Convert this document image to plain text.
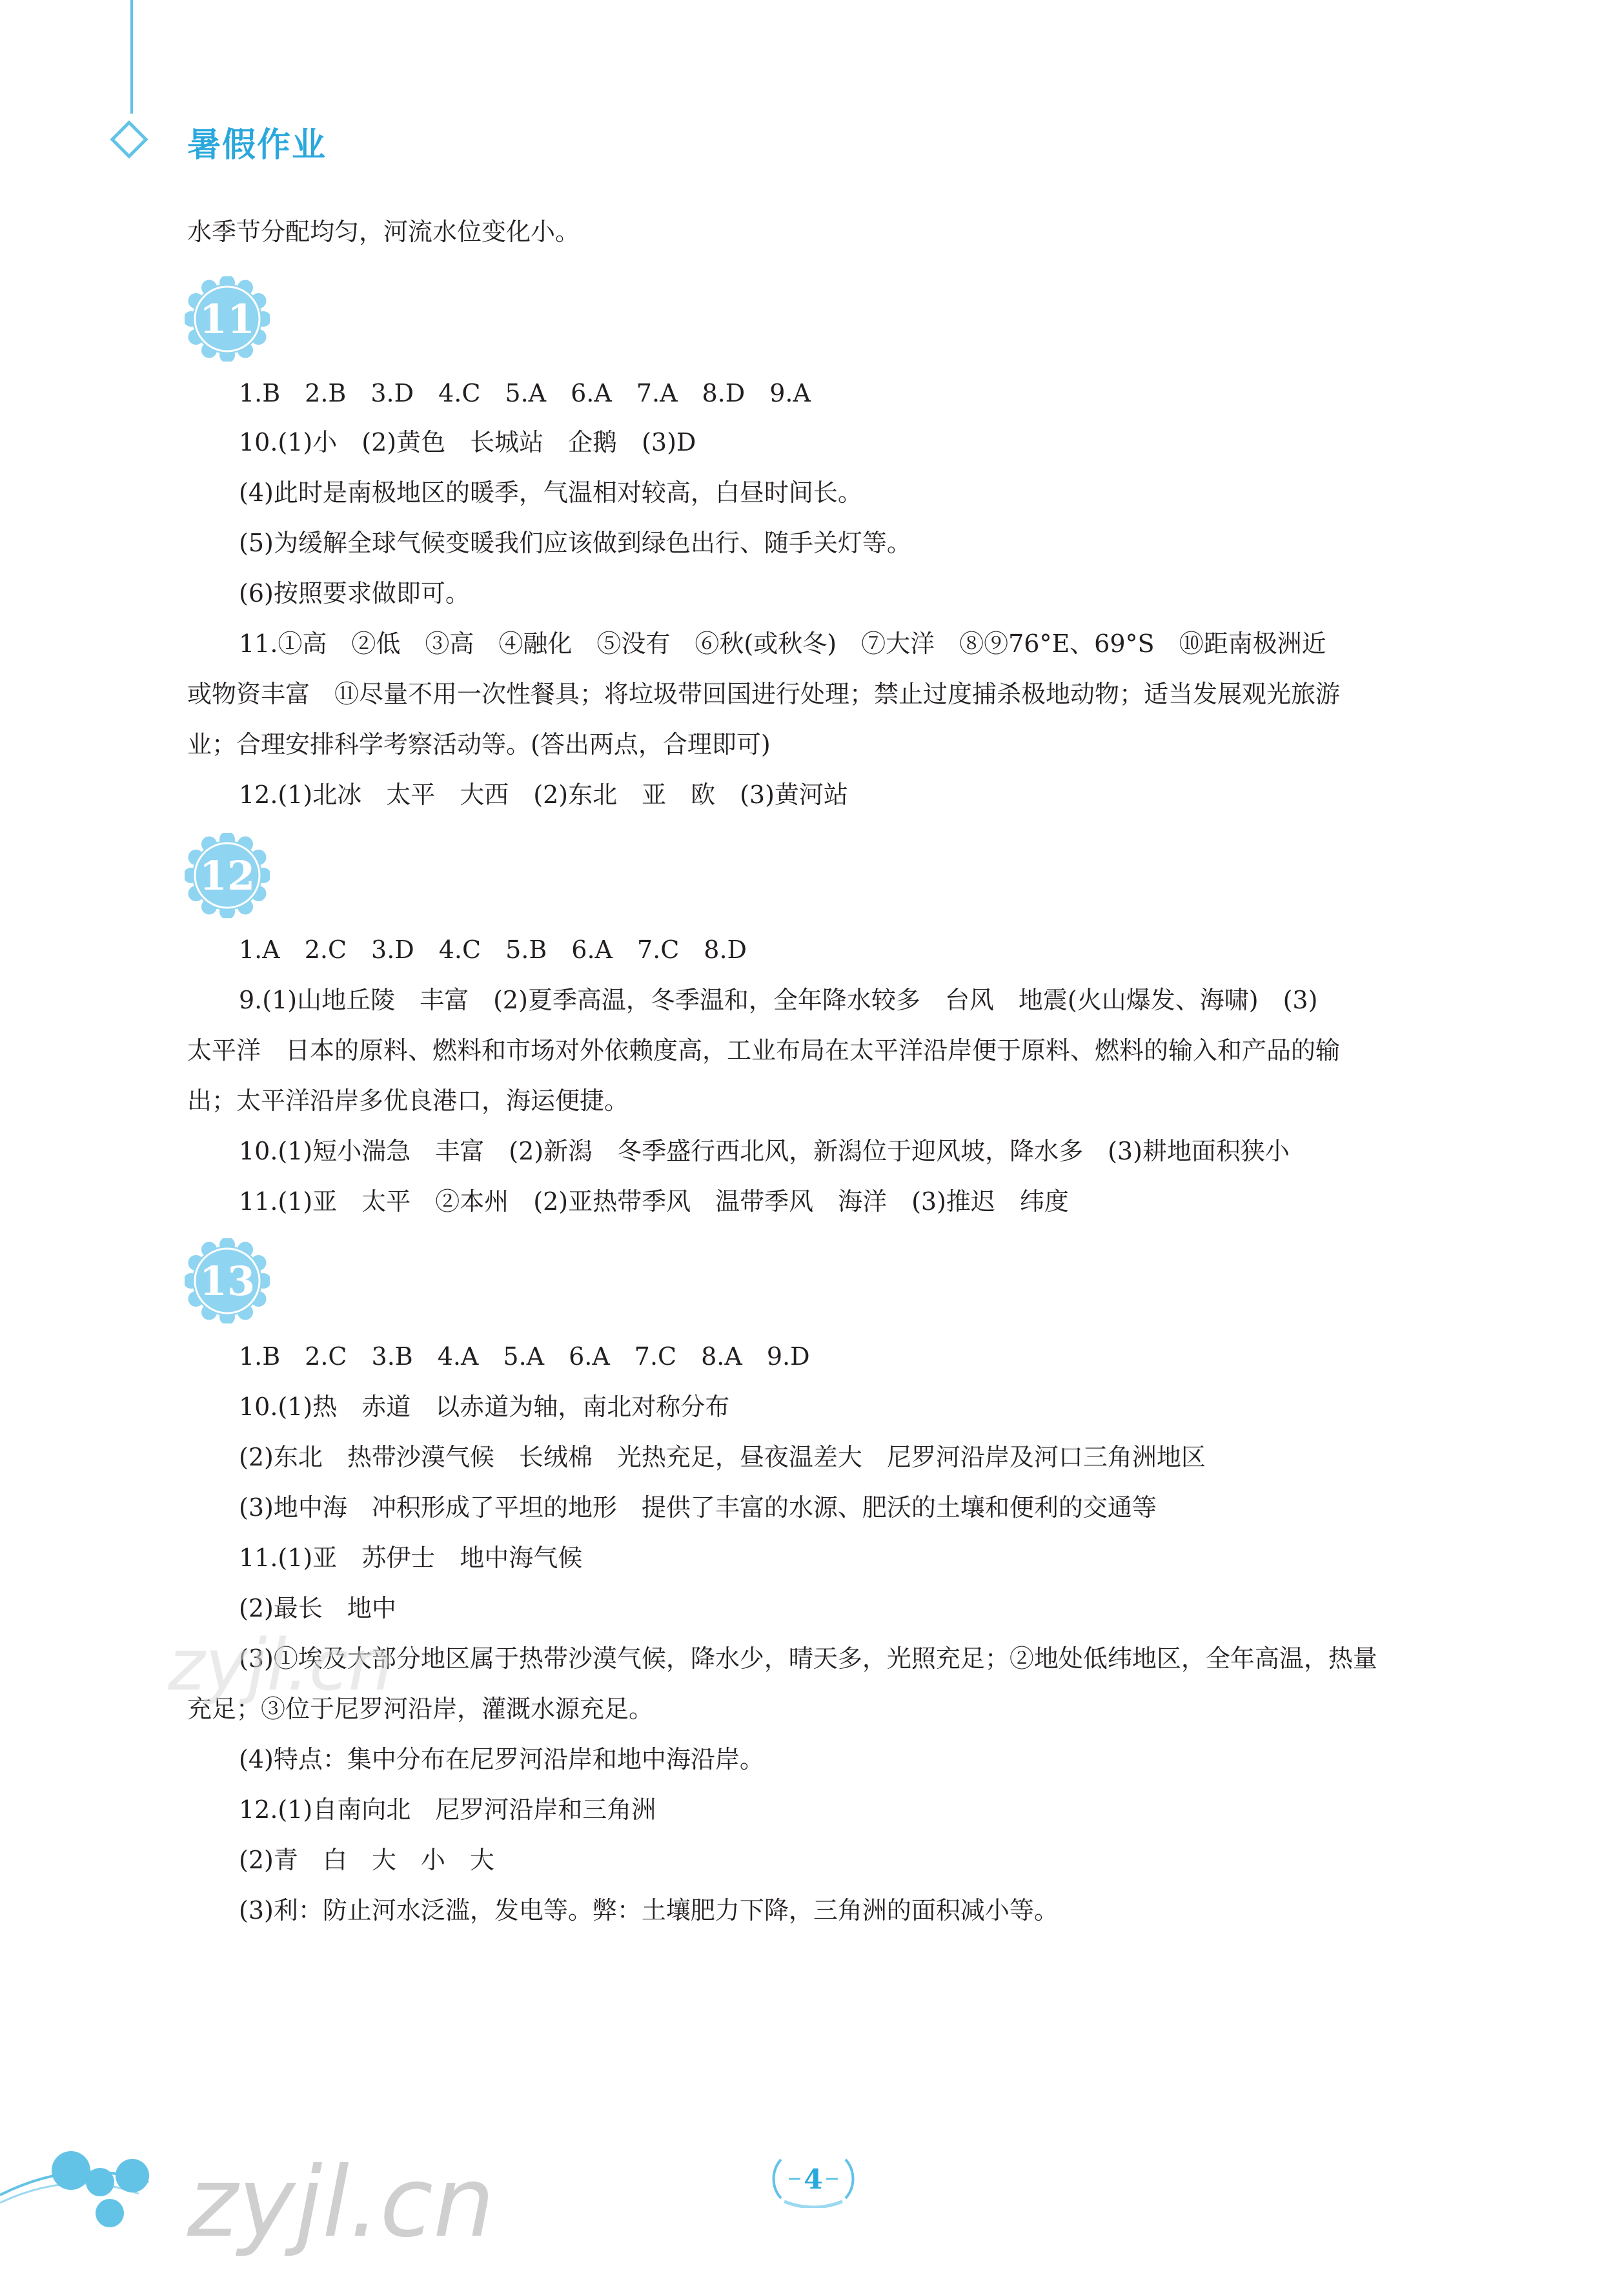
暑假作业
水季节分配均匀，河流水位变化小。
11
1.B　2.B　3.D　4.C　5.A　6.A　7.A　8.D　9.A
10.(1)小　(2)黄色　长城站　企鹅　(3)D
(4)此时是南极地区的暖季，气温相对较高，白昼时间长。
(5)为缓解全球气候变暖我们应该做到绿色出行、随手关灯等。
(6)按照要求做即可。
11.①高　②低　③高　④融化　⑤没有　⑥秋(或秋冬)　⑦大洋　⑧⑨76°E、69°S　⑩距南极洲近
或物资丰富　⑪尽量不用一次性餐具；将垃圾带回国进行处理；禁止过度捕杀极地动物；适当发展观光旅游
业；合理安排科学考察活动等。(答出两点，合理即可)
12.(1)北冰　太平　大西　(2)东北　亚　欧　(3)黄河站
12
1.A　2.C　3.D　4.C　5.B　6.A　7.C　8.D
9.(1)山地丘陵　丰富　(2)夏季高温，冬季温和，全年降水较多　台风　地震(火山爆发、海啸)　(3)
太平洋　日本的原料、燃料和市场对外依赖度高，工业布局在太平洋沿岸便于原料、燃料的输入和产品的输
出；太平洋沿岸多优良港口，海运便捷。
10.(1)短小湍急　丰富　(2)新潟　冬季盛行西北风，新潟位于迎风坡，降水多　(3)耕地面积狭小
11.(1)亚　太平　②本州　(2)亚热带季风　温带季风　海洋　(3)推迟　纬度
13
1.B　2.C　3.B　4.A　5.A　6.A　7.C　8.A　9.D
10.(1)热　赤道　以赤道为轴，南北对称分布
(2)东北　热带沙漠气候　长绒棉　光热充足，昼夜温差大　尼罗河沿岸及河口三角洲地区
(3)地中海　冲积形成了平坦的地形　提供了丰富的水源、肥沃的土壤和便利的交通等
11.(1)亚　苏伊士　地中海气候
(2)最长　地中
(3)①埃及大部分地区属于热带沙漠气候，降水少，晴天多，光照充足；②地处低纬地区，全年高温，热量
充足；③位于尼罗河沿岸，灌溉水源充足。
(4)特点：集中分布在尼罗河沿岸和地中海沿岸。
12.(1)自南向北　尼罗河沿岸和三角洲
(2)青　白　大　小　大
(3)利：防止河水泛滥，发电等。弊：土壤肥力下降，三角洲的面积减小等。
zyjl.cn
zyjl.cn	4
